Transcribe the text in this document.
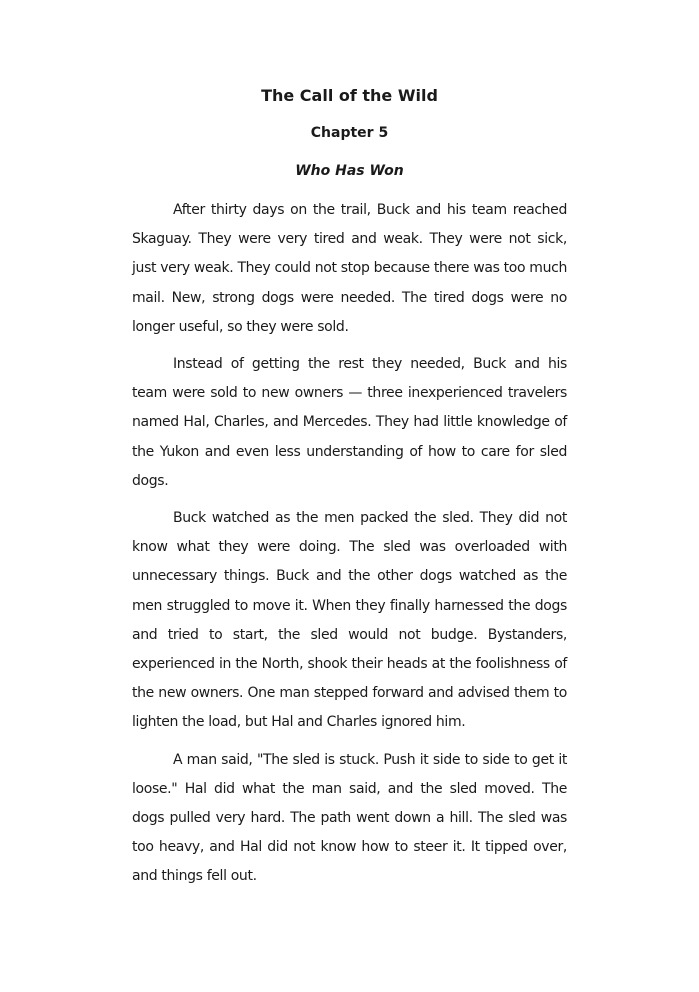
The Call of the Wild
Chapter 5
Who Has Won

After thirty days on the trail, Buck and his team reached Skaguay. They were very tired and weak. They were not sick, just very weak. They could not stop because there was too much mail. New, strong dogs were needed. The tired dogs were no longer useful, so they were sold.

Instead of getting the rest they needed, Buck and his team were sold to new owners — three inexperienced travelers named Hal, Charles, and Mercedes. They had little knowledge of the Yukon and even less understanding of how to care for sled dogs.

Buck watched as the men packed the sled. They did not know what they were doing. The sled was overloaded with unnecessary things. Buck and the other dogs watched as the men struggled to move it. When they finally harnessed the dogs and tried to start, the sled would not budge. Bystanders, experienced in the North, shook their heads at the foolishness of the new owners. One man stepped forward and advised them to lighten the load, but Hal and Charles ignored him.

A man said, "The sled is stuck. Push it side to side to get it loose." Hal did what the man said, and the sled moved. The dogs pulled very hard. The path went down a hill. The sled was too heavy, and Hal did not know how to steer it. It tipped over, and things fell out.
